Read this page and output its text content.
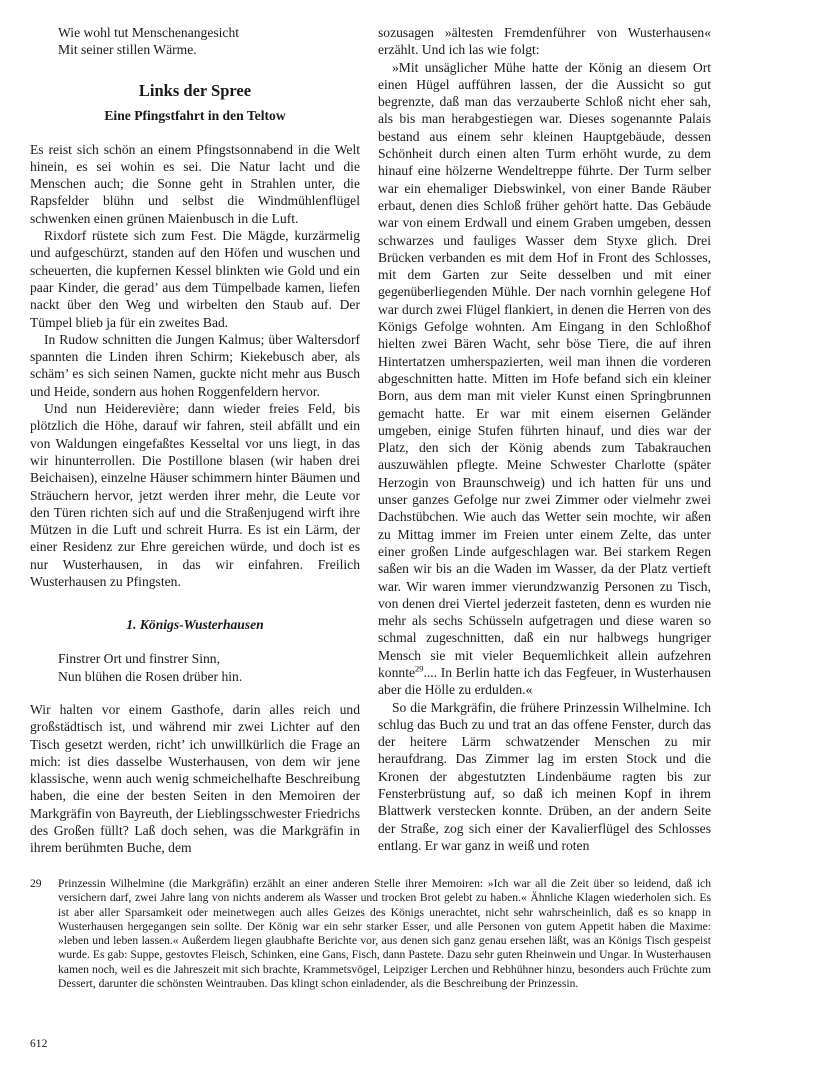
Wie wohl tut Menschenangesicht

Mit seiner stillen Wärme.

Links der Spree
Eine Pfingstfahrt in den Teltow

Es reist sich schön an einem Pfingstsonnabend in die Welt hinein, es sei wohin es sei. Die Natur lacht und die Menschen auch; die Sonne geht in Strahlen unter, die Rapsfelder blühn und selbst die Windmühlenflügel schwenken einen grünen Maienbusch in die Luft.

Rixdorf rüstete sich zum Fest. Die Mägde, kurzärmelig und aufgeschürzt, standen auf den Höfen und wuschen und scheuerten, die kupfernen Kessel blinkten wie Gold und ein paar Kinder, die gerad’ aus dem Tümpelbade kamen, liefen nackt über den Weg und wirbelten den Staub auf. Der Tümpel blieb ja für ein zweites Bad.

In Rudow schnitten die Jungen Kalmus; über Waltersdorf spannten die Linden ihren Schirm; Kiekebusch aber, als schäm’ es sich seinen Namen, guckte nicht mehr aus Busch und Heide, sondern aus hohen Roggenfeldern hervor.

Und nun Heiderevière; dann wieder freies Feld, bis plötzlich die Höhe, darauf wir fahren, steil abfällt und ein von Waldungen eingefaßtes Kesseltal vor uns liegt, in das wir hinunterrollen. Die Postillone blasen (wir haben drei Beichaisen), einzelne Häuser schimmern hinter Bäumen und Sträuchern hervor, jetzt werden ihrer mehr, die Leute vor den Türen richten sich auf und die Straßenjugend wirft ihre Mützen in die Luft und schreit Hurra. Es ist ein Lärm, der einer Residenz zur Ehre gereichen würde, und doch ist es nur Wusterhausen, in das wir einfahren. Freilich Wusterhausen zu Pfingsten.

1. Königs-Wusterhausen

Finstrer Ort und finstrer Sinn,

Nun blühen die Rosen drüber hin.

Wir halten vor einem Gasthofe, darin alles reich und großstädtisch ist, und während mir zwei Lichter auf den Tisch gesetzt werden, richt’ ich unwillkürlich die Frage an mich: ist dies dasselbe Wusterhausen, von dem wir jene klassische, wenn auch wenig schmeichelhafte Beschreibung haben, die eine der besten Seiten in den Memoiren der Markgräfin von Bayreuth, der Lieblingsschwester Friedrichs des Großen füllt? Laß doch sehen, was die Markgräfin in ihrem berühmten Buche, dem

sozusagen »ältesten Fremdenführer von Wusterhausen« erzählt. Und ich las wie folgt:

»Mit unsäglicher Mühe hatte der König an diesem Ort einen Hügel aufführen lassen, der die Aussicht so gut begrenzte, daß man das verzauberte Schloß nicht eher sah, als bis man herabgestiegen war. Dieses sogenannte Palais bestand aus einem sehr kleinen Hauptgebäude, dessen Schönheit durch einen alten Turm erhöht wurde, zu dem hinauf eine hölzerne Wendeltreppe führte. Der Turm selber war ein ehemaliger Diebswinkel, von einer Bande Räuber erbaut, denen dies Schloß früher gehört hatte. Das Gebäude war von einem Erdwall und einem Graben umgeben, dessen schwarzes und fauliges Wasser dem Styxe glich. Drei Brücken verbanden es mit dem Hof in Front des Schlosses, mit dem Garten zur Seite desselben und mit einer gegenüberliegenden Mühle. Der nach vornhin gelegene Hof war durch zwei Flügel flankiert, in denen die Herren von des Königs Gefolge wohnten. Am Eingang in den Schloßhof hielten zwei Bären Wacht, sehr böse Tiere, die auf ihren Hintertatzen umherspazierten, weil man ihnen die vorderen abgeschnitten hatte. Mitten im Hofe befand sich ein kleiner Born, aus dem man mit vieler Kunst einen Springbrunnen gemacht hatte. Er war mit einem eisernen Geländer umgeben, einige Stufen führten hinauf, und dies war der Platz, den sich der König abends zum Tabakrauchen auszuwählen pflegte. Meine Schwester Charlotte (später Herzogin von Braunschweig) und ich hatten für uns und unser ganzes Gefolge nur zwei Zimmer oder vielmehr zwei Dachstübchen. Wie auch das Wetter sein mochte, wir aßen zu Mittag immer im Freien unter einem Zelte, das unter einer großen Linde aufgeschlagen war. Bei starkem Regen saßen wir bis an die Waden im Wasser, da der Platz vertieft war. Wir waren immer vierundzwanzig Personen zu Tisch, von denen drei Viertel jederzeit fasteten, denn es wurden nie mehr als sechs Schüsseln aufgetragen und diese waren so schmal zugeschnitten, daß ein nur halbwegs hungriger Mensch sie mit vieler Bequemlichkeit allein aufzehren konnte$^{29}$.... In Berlin hatte ich das Fegfeuer, in Wusterhausen aber die Hölle zu erdulden.«

So die Markgräfin, die frühere Prinzessin Wilhelmine. Ich schlug das Buch zu und trat an das offene Fenster, durch das der heitere Lärm schwatzender Menschen zu mir heraufdrang. Das Zimmer lag im ersten Stock und die Kronen der abgestutzten Lindenbäume ragten bis zur Fensterbrüstung auf, so daß ich meinen Kopf in ihrem Blattwerk verstecken konnte. Drüben, an der andern Seite der Straße, zog sich einer der Kavalierflügel des Schlosses entlang. Er war ganz in weiß und roten

29 Prinzessin Wilhelmine (die Markgräfin) erzählt an einer anderen Stelle ihrer Memoiren: »Ich war all die Zeit über so leidend, daß ich versichern darf, zwei Jahre lang von nichts anderem als Wasser und trocken Brot gelebt zu haben.« Ähnliche Klagen wiederholen sich. Es ist aber aller Sparsamkeit oder meinetwegen auch alles Geizes des Königs unerachtet, nicht sehr wahrscheinlich, daß es so knapp in Wusterhausen hergegangen sein sollte. Der König war ein sehr starker Esser, und alle Personen von gutem Appetit haben die Maxime: »leben und leben lassen.« Außerdem liegen glaubhafte Berichte vor, aus denen sich ganz genau ersehen läßt, was an Königs Tisch gespeist wurde. Es gab: Suppe, gestovtes Fleisch, Schinken, eine Gans, Fisch, dann Pastete. Dazu sehr guten Rheinwein und Ungar. In Wusterhausen kamen noch, weil es die Jahreszeit mit sich brachte, Krammetsvögel, Leipziger Lerchen und Rebhühner hinzu, besonders auch Früchte zum Dessert, darunter die schönsten Weintrauben. Das klingt schon einladender, als die Beschreibung der Prinzessin.
612
